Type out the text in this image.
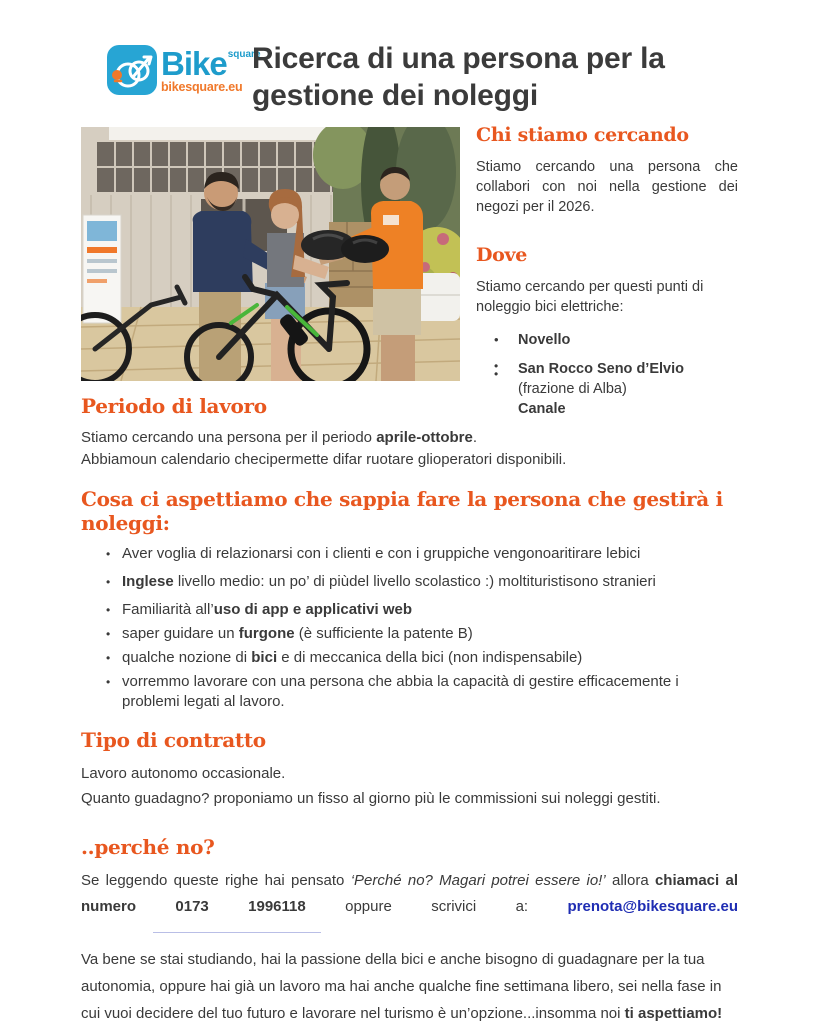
Bike$^{square}$
bikesquare.eu
Ricerca di una persona per la
gestione dei noleggi
Chi stiamo cercando

Stiamo cercando una persona che collabori con noi nella gestione dei negozi per il 2026.

Dove

Stiamo cercando per questi punti di noleggio bici elettriche:

• Novello
• San Rocco Seno d’Elvio (frazione di Alba)
Canale
•
Periodo di lavoro

Stiamo cercando una persona per il periodo aprile-ottobre.

Abbiamoun calendario checipermette difar ruotare glioperatori disponibili.

Cosa ci aspettiamo che sappia fare la persona che gestirà i noleggi:
• Aver voglia di relazionarsi con i clienti e con i gruppiche vengonoaritirare lebici
• Inglese livello medio: un po’ di piùdel livello scolastico :) moltituristisono stranieri
• Familiarità all’uso di app e applicativi web
• saper guidare un furgone (è sufficiente la patente B)
• qualche nozione di bici e di meccanica della bici (non indispensabile)
• vorremmo lavorare con una persona che abbia la capacità di gestire efficacemente i problemi legati al lavoro.
Tipo di contratto

Lavoro autonomo occasionale.

Quanto guadagno? proponiamo un fisso al giorno più le commissioni sui noleggi gestiti.

..perché no?

Se leggendo queste righe hai pensato ‘Perché no? Magari potrei essere io!’ allora chiamaci al numero 0173 1996118 oppure scrivici a: prenota@bikesquare.eu

Va bene se stai studiando, hai la passione della bici e anche bisogno di guadagnare per la tua autonomia, oppure hai già un lavoro ma hai anche qualche fine settimana libero, sei nella fase in cui vuoi decidere del tuo futuro e lavorare nel turismo è un’opzione...insomma noi ti aspettiamo!
